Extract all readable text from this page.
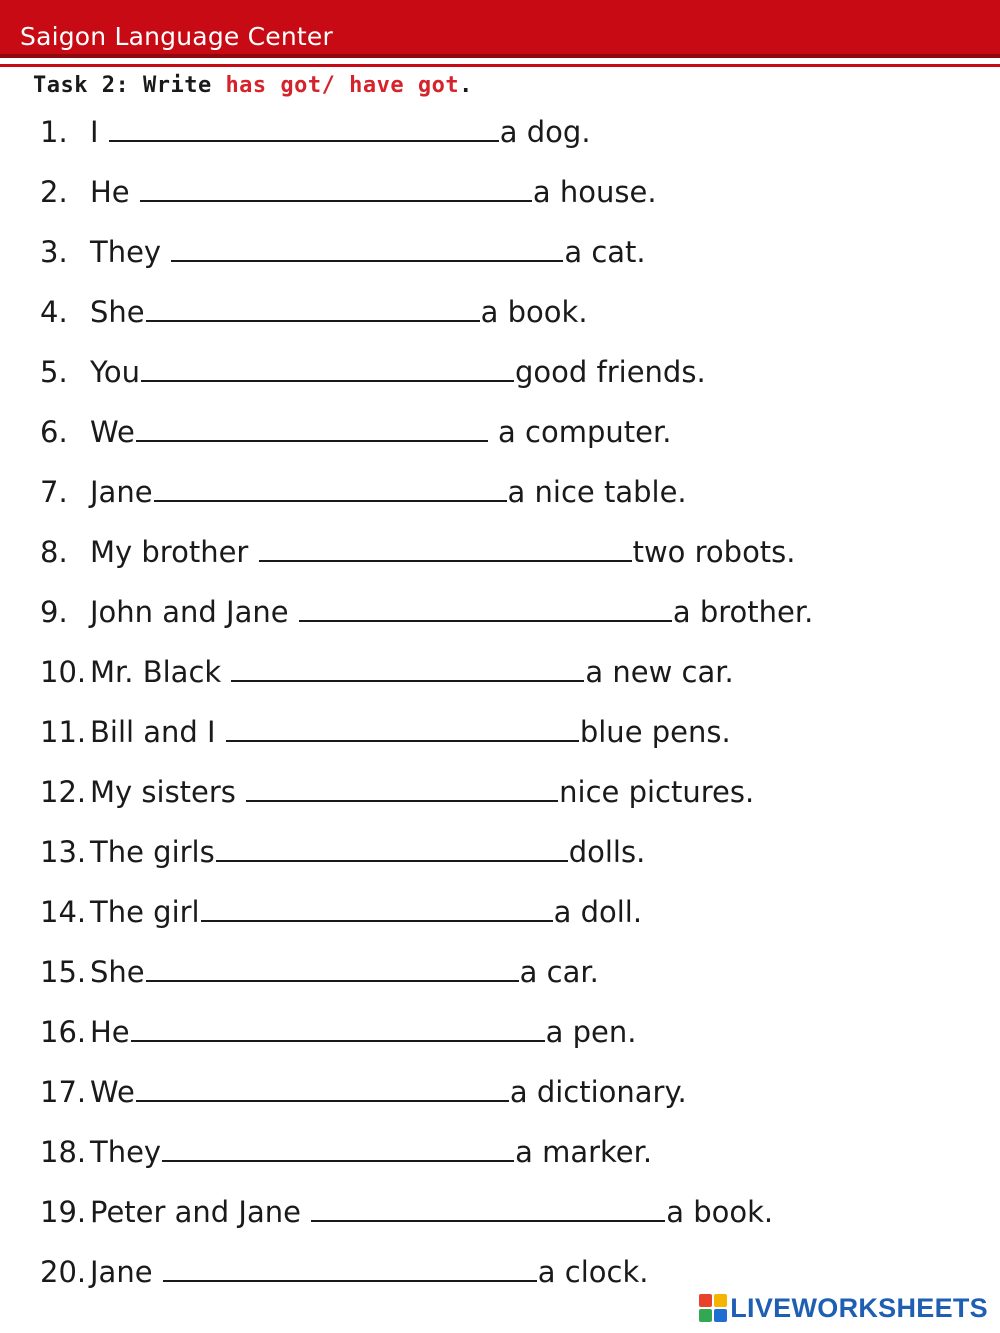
Saigon Language Center
Task 2: Write has got/ have got.
1. I	a dog.
2. He	a house.
3. They	a cat.
4. She	a book.
5. You	good friends.
6. We	a computer.
7. Jane	a nice table.
8. My brother	two robots.
9. John and Jane	a brother.
10. Mr. Black	a new car.
11. Bill and I	blue pens.
12. My sisters	nice pictures.
13. The girls	dolls.
14. The girl	a doll.
15. She	a car.
16. He	a pen.
17. We	a dictionary.
18. They	a marker.
19. Peter and Jane	a book.
20. Jane	a clock.
LIVEWORKSHEETS
